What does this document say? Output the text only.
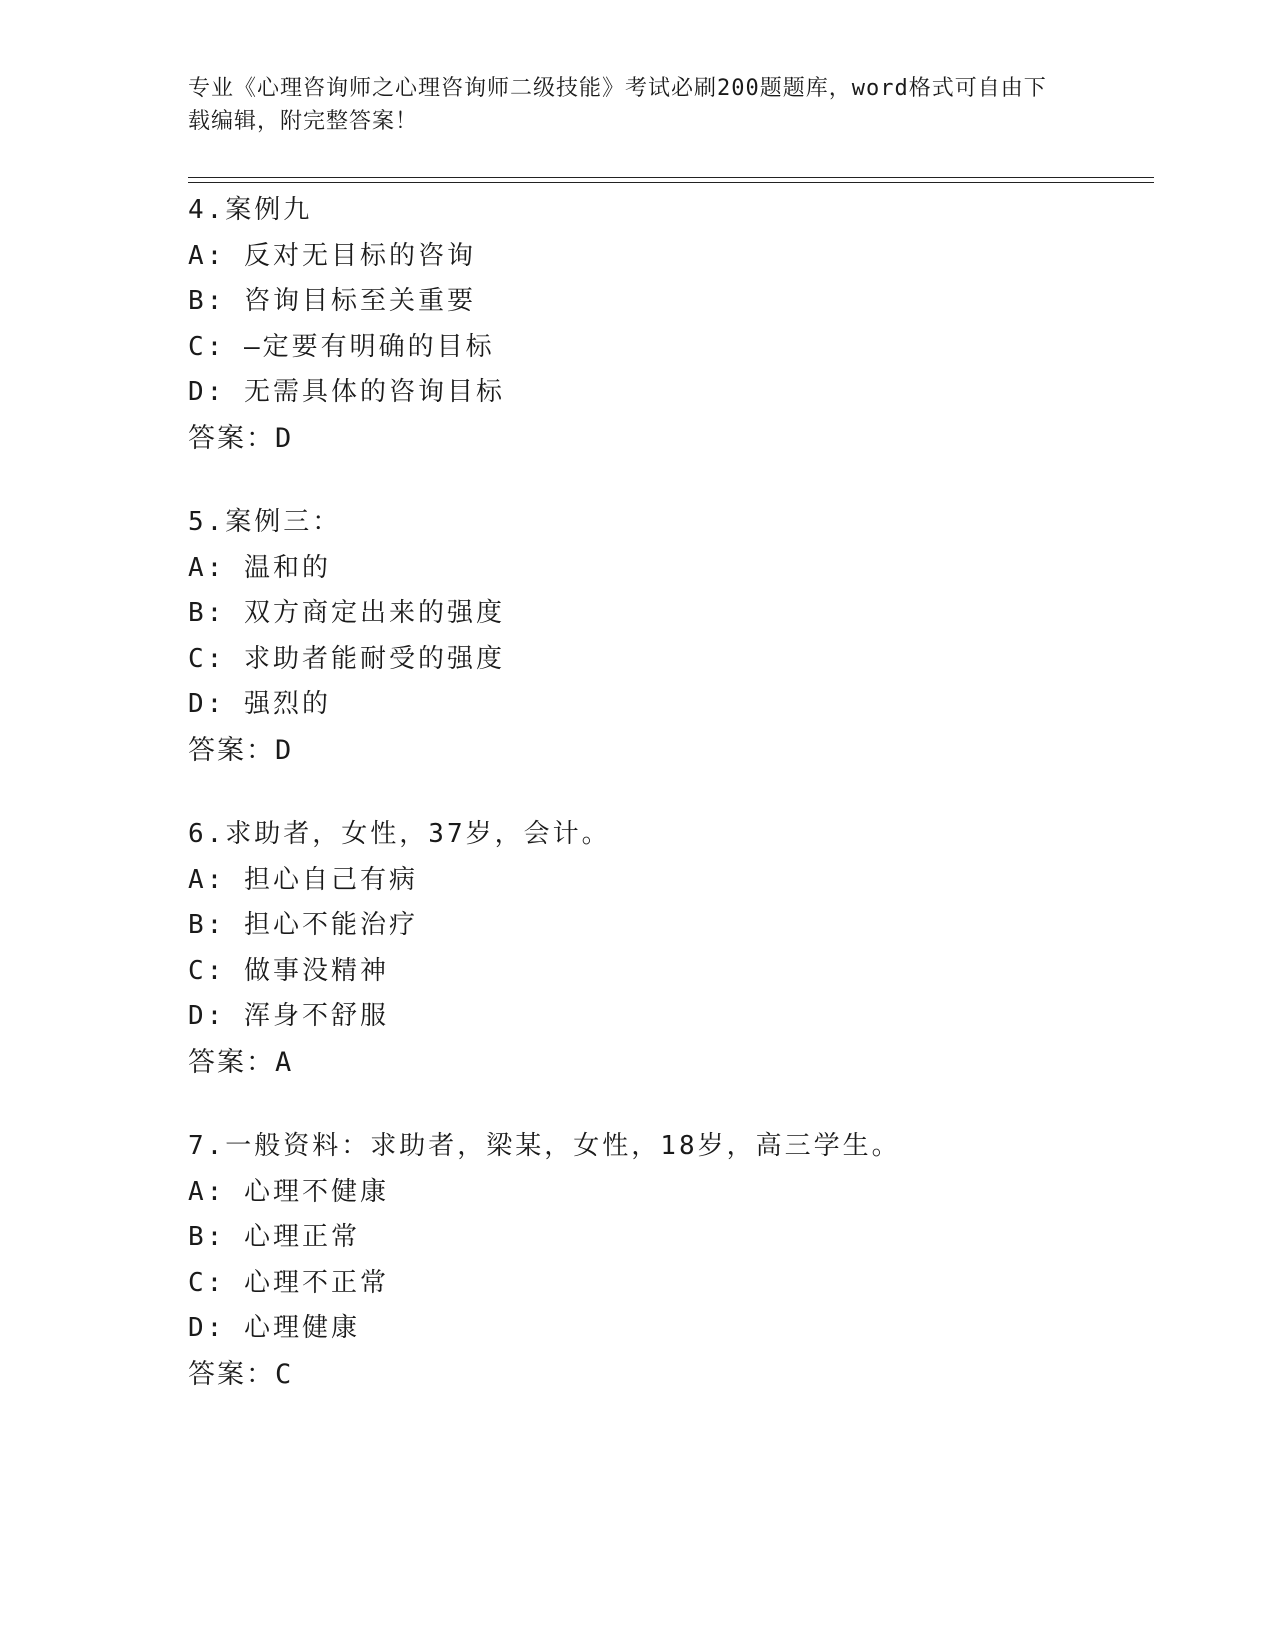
专业《心理咨询师之心理咨询师二级技能》考试必刷200题题库，word格式可自由下载编辑，附完整答案！
4.案例九
A: 反对无目标的咨询
B: 咨询目标至关重要
C: —定要有明确的目标
D: 无需具体的咨询目标
答案：D
5.案例三：
A: 温和的
B: 双方商定出来的强度
C: 求助者能耐受的强度
D: 强烈的
答案：D
6.求助者，女性，37岁，会计。
A: 担心自己有病
B: 担心不能治疗
C: 做事没精神
D: 浑身不舒服
答案：A
7.一般资料：求助者，梁某，女性，18岁，高三学生。
A: 心理不健康
B: 心理正常
C: 心理不正常
D: 心理健康
答案：C
